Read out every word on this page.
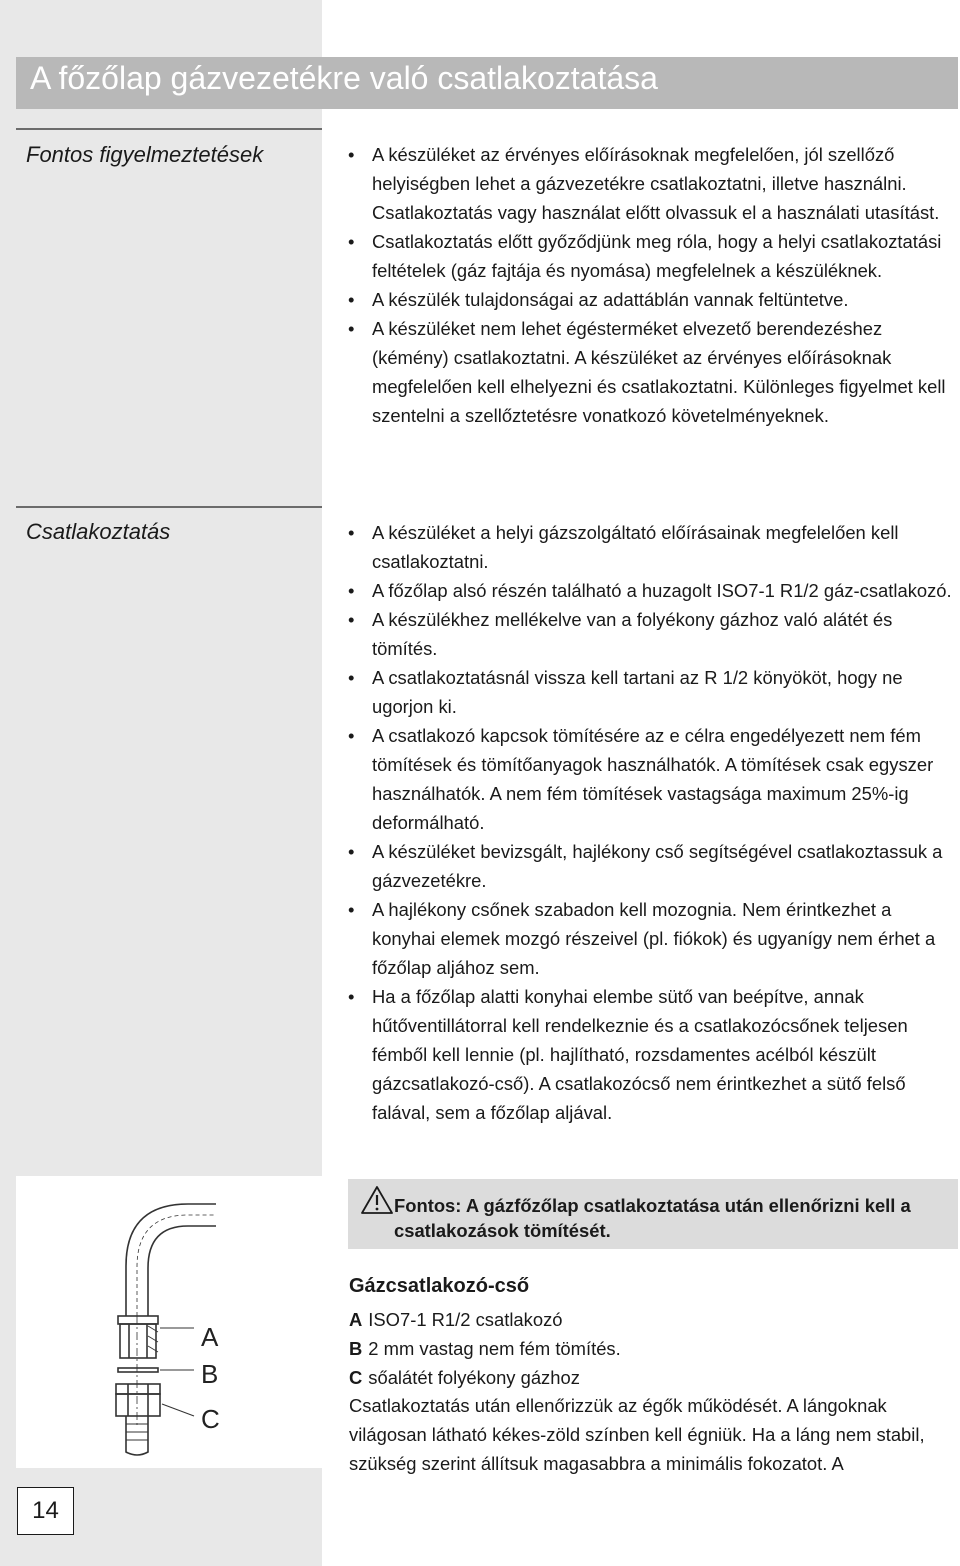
A főzőlap gázvezetékre való csatlakoztatása
Fontos figyelmeztetések	• A készüléket az érvényes előírásoknak megfelelően, jól szellőző helyiségben lehet a gázvezetékre csatlakoztatni, illetve használni. Csatlakoztatás vagy használat előtt olvassuk el a használati utasítást.
• Csatlakoztatás előtt győződjünk meg róla, hogy a helyi csatlakoztatási feltételek (gáz fajtája és nyomása) megfelelnek a készüléknek.
• A készülék tulajdonságai az adattáblán vannak feltüntetve.
• A készüléket nem lehet égésterméket elvezető berendezéshez (kémény) csatlakoztatni. A készüléket az érvényes előírásoknak megfelelően kell elhelyezni és csatlakoztatni. Különleges figyelmet kell szentelni a szellőztetésre vonatkozó követelményeknek.
Csatlakoztatás	• A készüléket a helyi gázszolgáltató előírásainak megfelelően kell csatlakoztatni.
• A főzőlap alsó részén található a huzagolt ISO7-1 R1/2 gáz-csatlakozó.
• A készülékhez mellékelve van a folyékony gázhoz való alátét és tömítés.
• A csatlakoztatásnál vissza kell tartani az R 1/2 könyököt, hogy ne ugorjon ki.
• A csatlakozó kapcsok tömítésére az e célra engedélyezett nem fém tömítések és tömítőanyagok használhatók. A tömítések csak egyszer használhatók. A nem fém tömítések vastagsága maximum 25%-ig deformálható.
• A készüléket bevizsgált, hajlékony cső segítségével csatlakoztassuk a gázvezetékre.
• A hajlékony csőnek szabadon kell mozognia. Nem érintkezhet a konyhai elemek mozgó részeivel (pl. fiókok) és ugyanígy nem érhet a főzőlap aljához sem.
• Ha a főzőlap alatti konyhai elembe sütő van beépítve, annak hűtőventillátorral kell rendelkeznie és a csatlakozócsőnek teljesen fémből kell lennie (pl. hajlítható, rozsdamentes acélból készült gázcsatlakozó-cső). A csatlakozócső nem érintkezhet a sütő felső falával, sem a főzőlap aljával.
A
B
C
14
Fontos: A gázfőzőlap csatlakoztatása után ellenőrizni kell a csatlakozások tömítését.
Gázcsatlakozó-cső
A ISO7-1 R1/2 csatlakozó
B 2 mm vastag nem fém tömítés.
C sőalátét folyékony gázhoz
Csatlakoztatás után ellenőrizzük az égők működését. A lángoknak világosan látható kékes-zöld színben kell égniük. Ha a láng nem stabil, szükség szerint állítsuk magasabbra a minimális fokozatot. A
